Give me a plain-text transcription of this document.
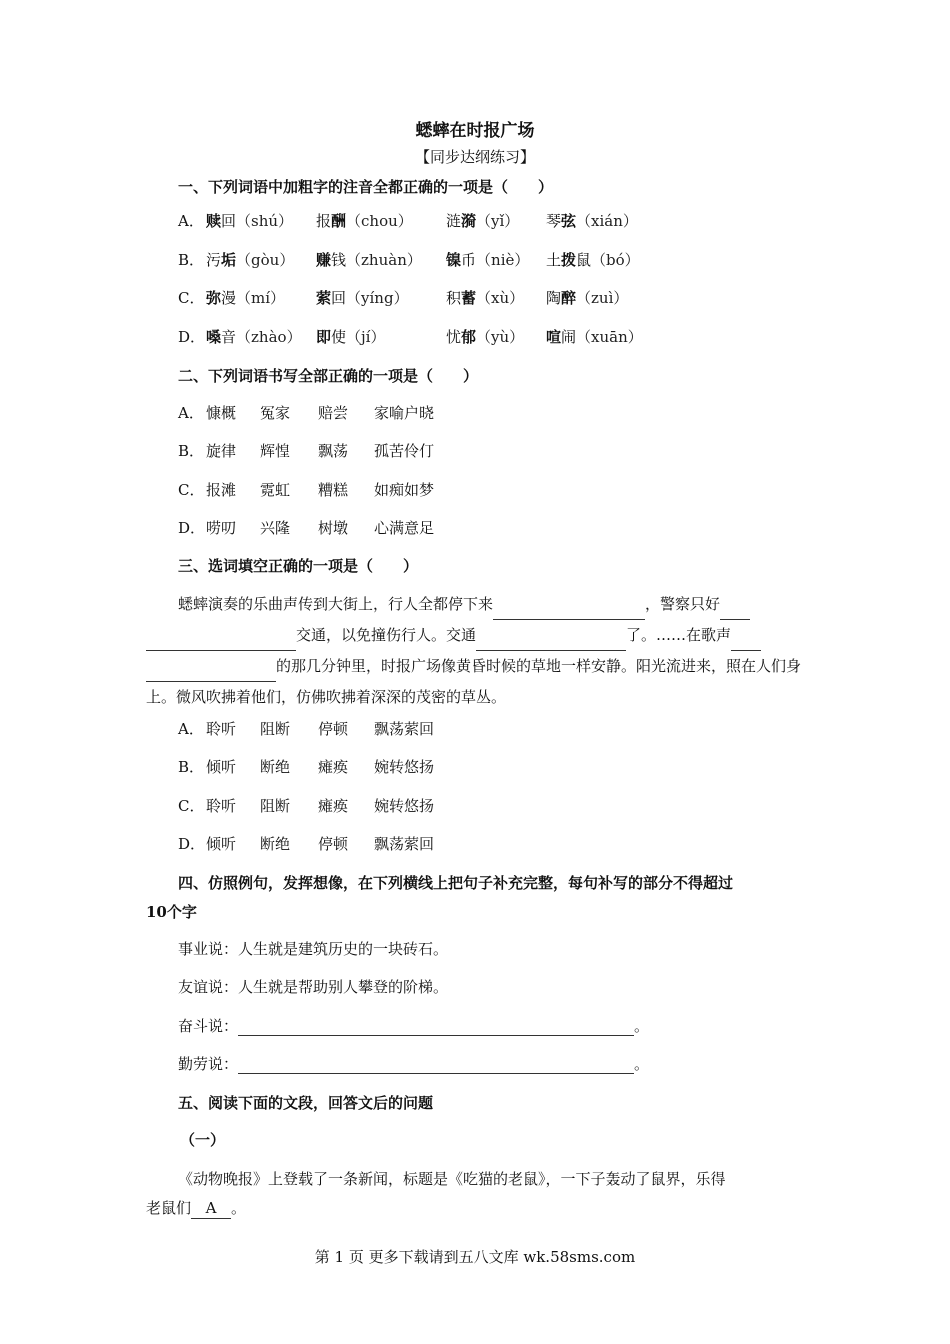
蟋蟀在时报广场
【同步达纲练习】
一、下列词语中加粗字的注音全都正确的一项是（　　）
A． 赎回（shú） 报酬（chou） 涟漪（yǐ） 琴弦（xián）
B． 污垢（gòu） 赚钱（zhuàn） 镍币（niè） 土拨鼠（bó）
C． 弥漫（mí） 萦回（yíng） 积蓄（xù） 陶醉（zuì）
D． 嗓音（zhào） 即使（jí）	忧郁（yù） 喧闹（xuān）
二、下列词语书写全部正确的一项是（　　）
A． 慷概 冤家 赔尝 家喻户晓
B． 旋律 辉惶 飘荡 孤苦伶仃
C． 报滩 霓虹 糟糕 如痴如梦
D． 唠叨 兴隆 树墩 心满意足
三、选词填空正确的一项是（　　）
蟋蟀演奏的乐曲声传到大街上，行人全都停下来	，警察只好
交通，以免撞伤行人。交通	了。……在歌声
的那几分钟里，时报广场像黄昏时候的草地一样安静。阳光流进来，照在人们身上。微风吹拂着他们，仿佛吹拂着深深的茂密的草丛。
A． 聆听 阻断 停顿 飘荡萦回
B． 倾听 断绝 瘫痪 婉转悠扬
C． 聆听 阻断 瘫痪 婉转悠扬
D． 倾听 断绝 停顿 飘荡萦回
四、仿照例句，发挥想像，在下列横线上把句子补充完整，每句补写的部分不得超过
10个字
事业说：人生就是建筑历史的一块砖石。
友谊说：人生就是帮助别人攀登的阶梯。
奋斗说：	。
勤劳说：	。
五、阅读下面的文段，回答文后的问题
（一）
《动物晚报》上登载了一条新闻，标题是《吃猫的老鼠》，一下子轰动了鼠界，乐得
老鼠们 A 。
第 1 页 更多下载请到五八文库 wk.58sms.com
